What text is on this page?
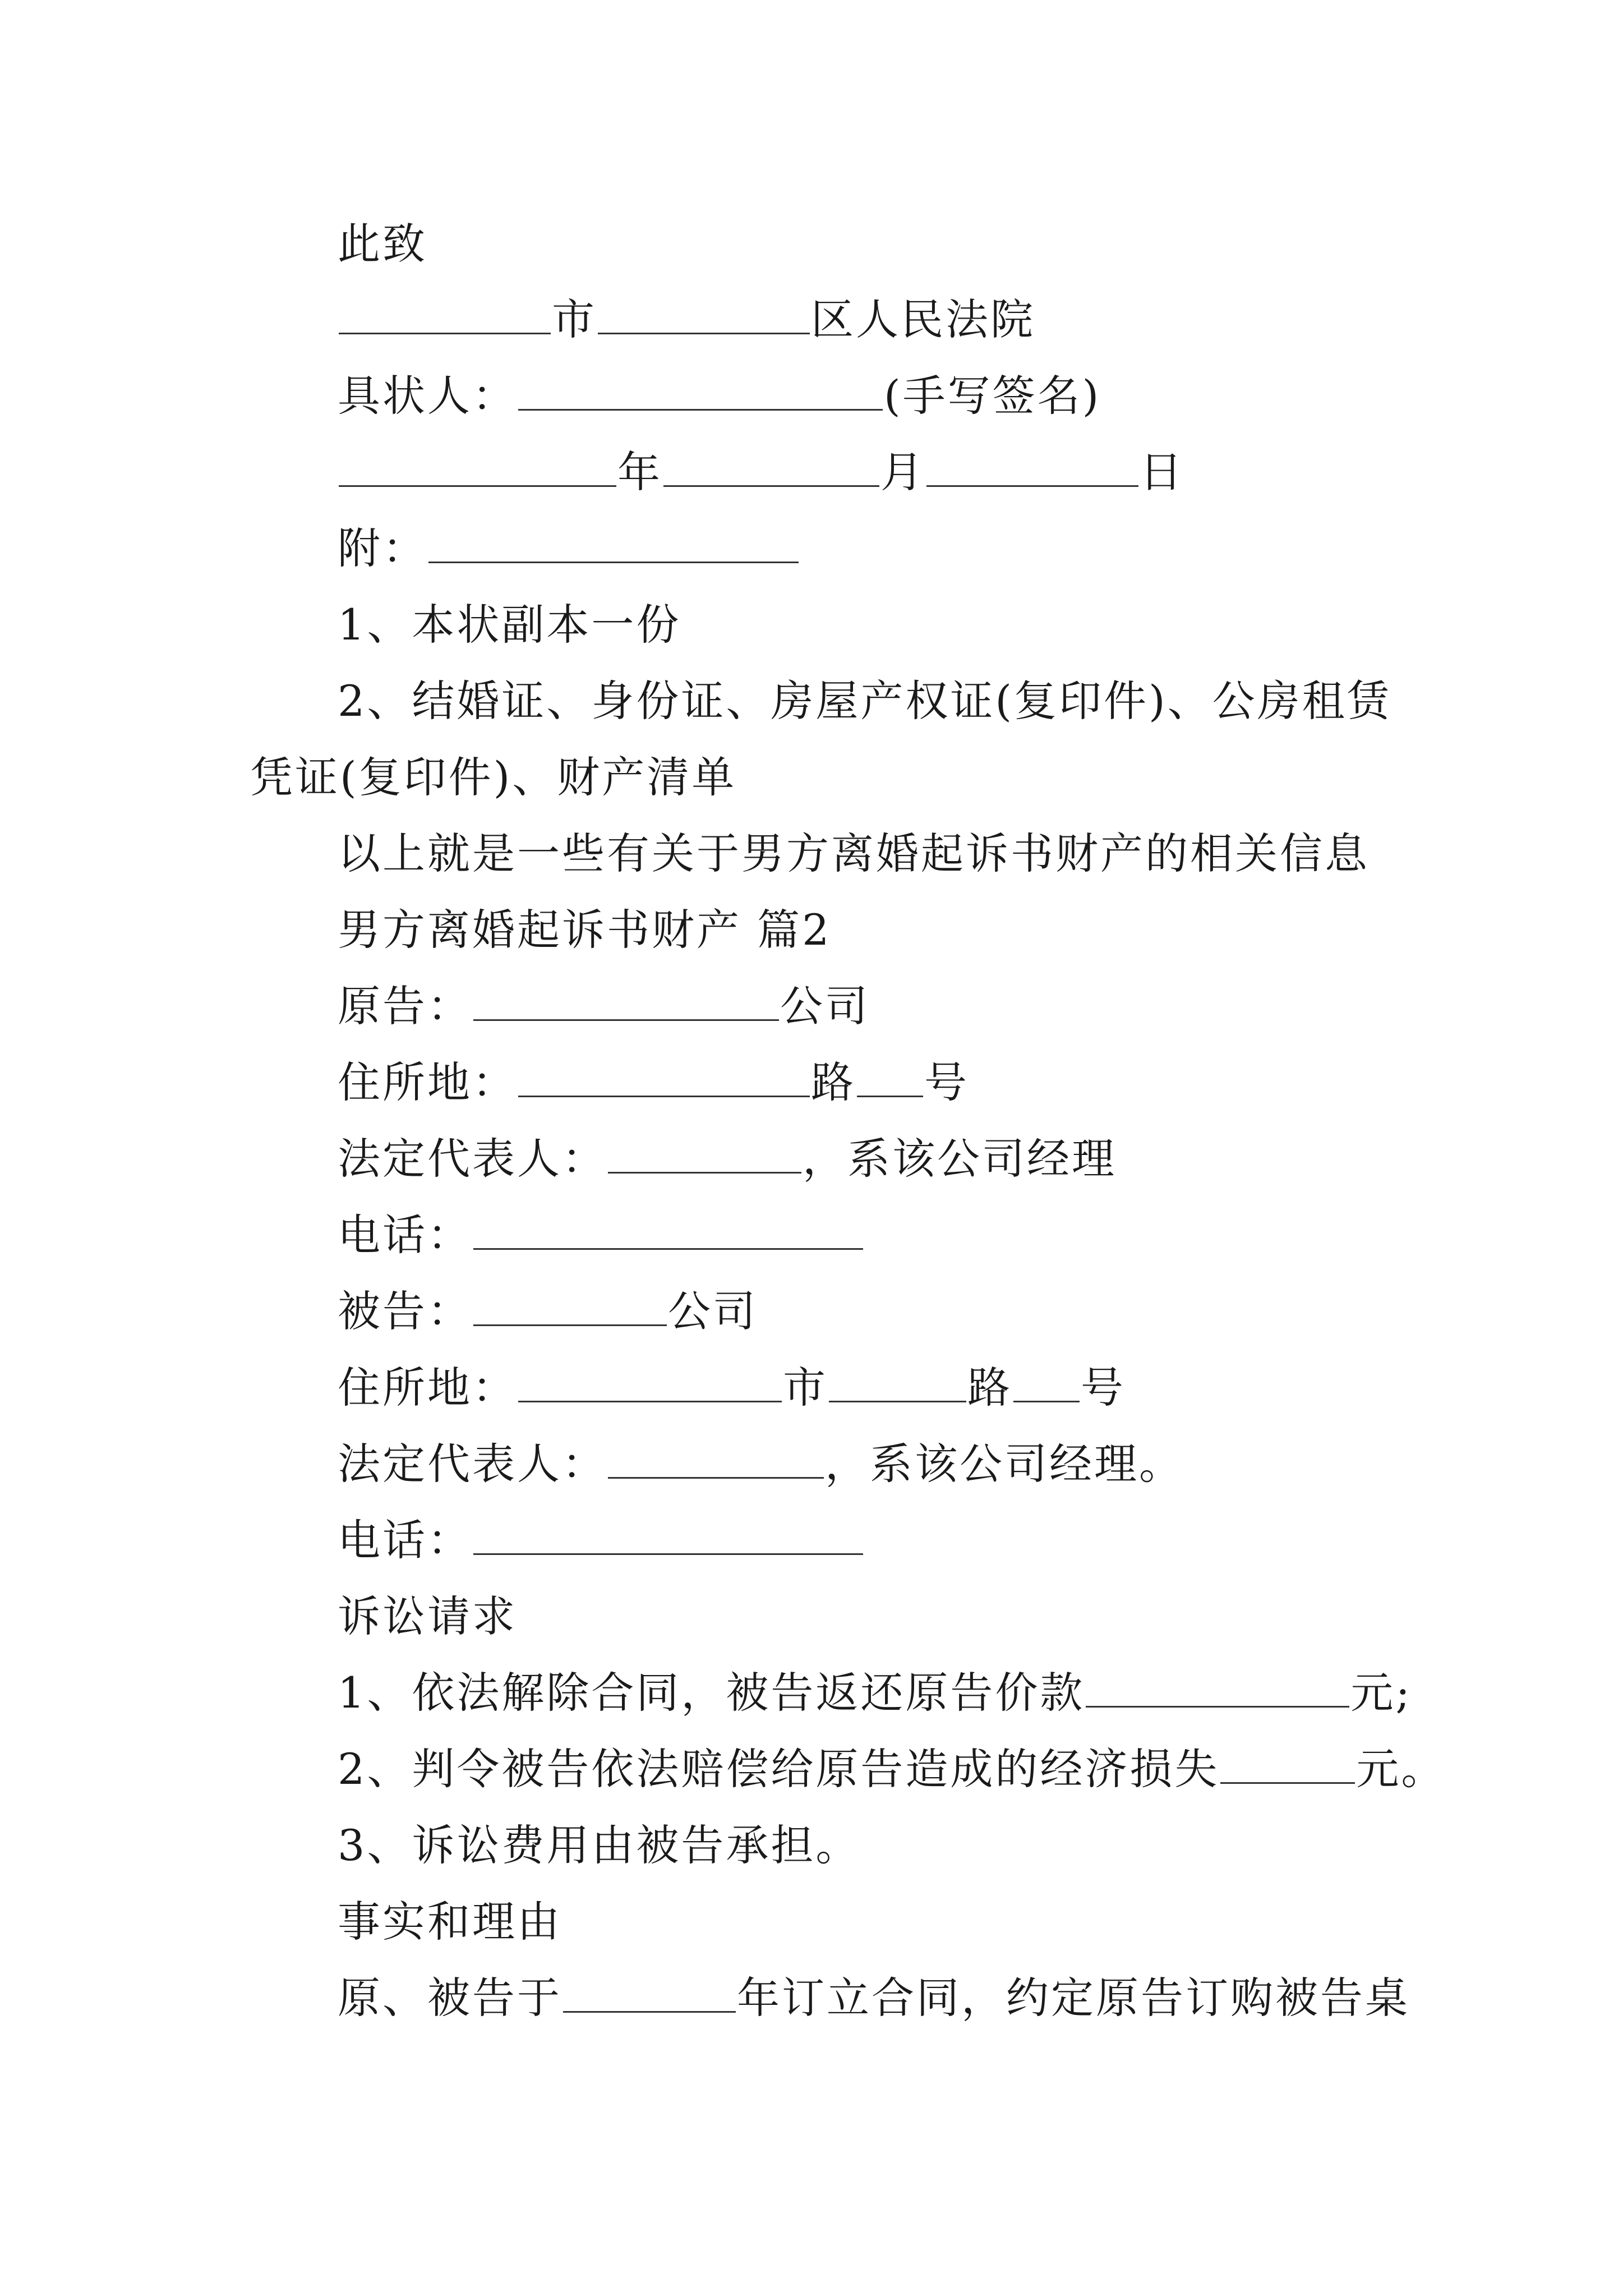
此致
市	区人民法院
具状人：	(手写签名)
年	月	日
附：
1、本状副本一份
2、结婚证、身份证、房屋产权证(复印件)、公房租赁
凭证(复印件)、财产清单
以上就是一些有关于男方离婚起诉书财产的相关信息
男方离婚起诉书财产 篇2
原告：	公司
住所地：	路 号
法定代表人：	，系该公司经理
电话：
被告：	公司
住所地：	市	路 号
法定代表人：	，系该公司经理。
电话：
诉讼请求
1、依法解除合同，被告返还原告价款	元;
2、判令被告依法赔偿给原告造成的经济损失	元。
3、诉讼费用由被告承担。
事实和理由
原、被告于	年订立合同，约定原告订购被告桌
